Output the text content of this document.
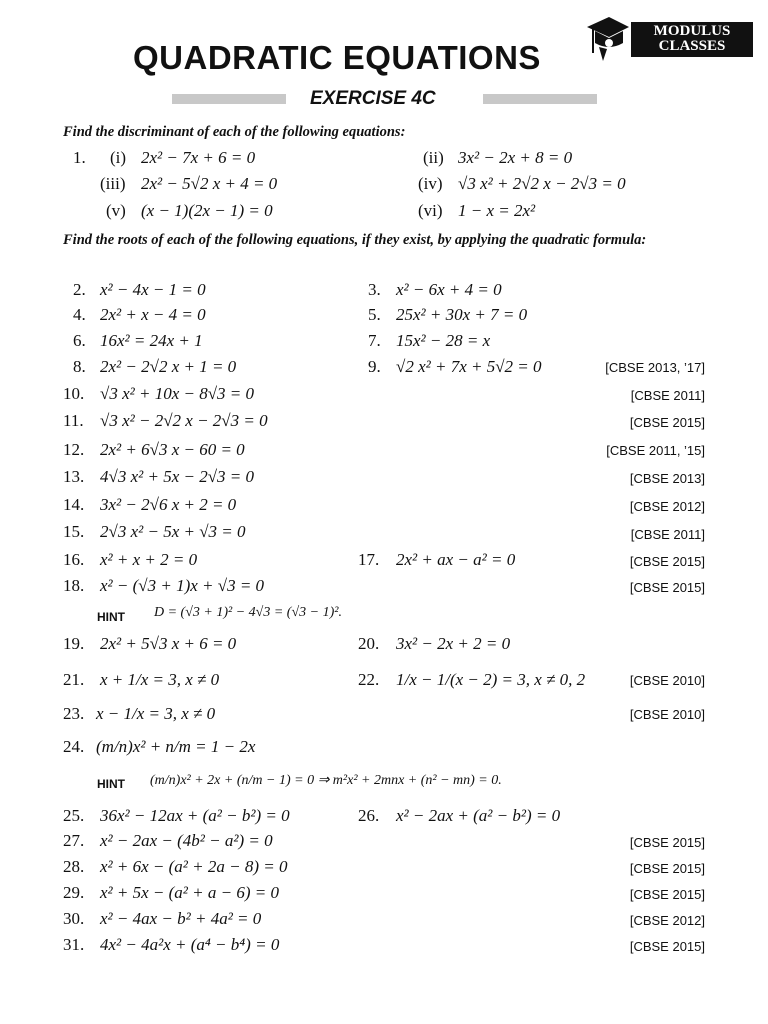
QUADRATIC EQUATIONS
MODULUS
CLASSES
EXERCISE 4C
Find the discriminant of each of the following equations:
1. (i) 2x² − 7x + 6 = 0	(ii) 3x² − 2x + 8 = 0
(iii) 2x² − 5√2 x + 4 = 0	(iv) √3 x² + 2√2 x − 2√3 = 0
(v) (x − 1)(2x − 1) = 0	(vi) 1 − x = 2x²
Find the roots of each of the following equations, if they exist, by applying the quadratic formula:
2. x² − 4x − 1 = 0	3. x² − 6x + 4 = 0
4. 2x² + x − 4 = 0	5. 25x² + 30x + 7 = 0
6. 16x² = 24x + 1	7. 15x² − 28 = x
8. 2x² − 2√2 x + 1 = 0	9. √2 x² + 7x + 5√2 = 0	[CBSE 2013, ’17]
10. √3 x² + 10x − 8√3 = 0	[CBSE 2011]
11. √3 x² − 2√2 x − 2√3 = 0	[CBSE 2015]
12. 2x² + 6√3 x − 60 = 0	[CBSE 2011, ’15]
13. 4√3 x² + 5x − 2√3 = 0	[CBSE 2013]
14. 3x² − 2√6 x + 2 = 0	[CBSE 2012]
15. 2√3 x² − 5x + √3 = 0	[CBSE 2011]
16. x² + x + 2 = 0	17. 2x² + ax − a² = 0	[CBSE 2015]
18. x² − (√3 + 1)x + √3 = 0	[CBSE 2015]
HINT D = (√3 + 1)² − 4√3 = (√3 − 1)².
19. 2x² + 5√3 x + 6 = 0	20. 3x² − 2x + 2 = 0
21. x + 1/x = 3, x ≠ 0	22. 1/x − 1/(x − 2) = 3, x ≠ 0, 2	[CBSE 2010]
23. x − 1/x = 3, x ≠ 0	[CBSE 2010]
24. (m/n)x² + n/m = 1 − 2x
HINT (m/n)x² + 2x + (n/m − 1) = 0 ⇒ m²x² + 2mnx + (n² − mn) = 0.
25. 36x² − 12ax + (a² − b²) = 0	26. x² − 2ax + (a² − b²) = 0
27. x² − 2ax − (4b² − a²) = 0	[CBSE 2015]
28. x² + 6x − (a² + 2a − 8) = 0	[CBSE 2015]
29. x² + 5x − (a² + a − 6) = 0	[CBSE 2015]
30. x² − 4ax − b² + 4a² = 0	[CBSE 2012]
31. 4x² − 4a²x + (a⁴ − b⁴) = 0	[CBSE 2015]
